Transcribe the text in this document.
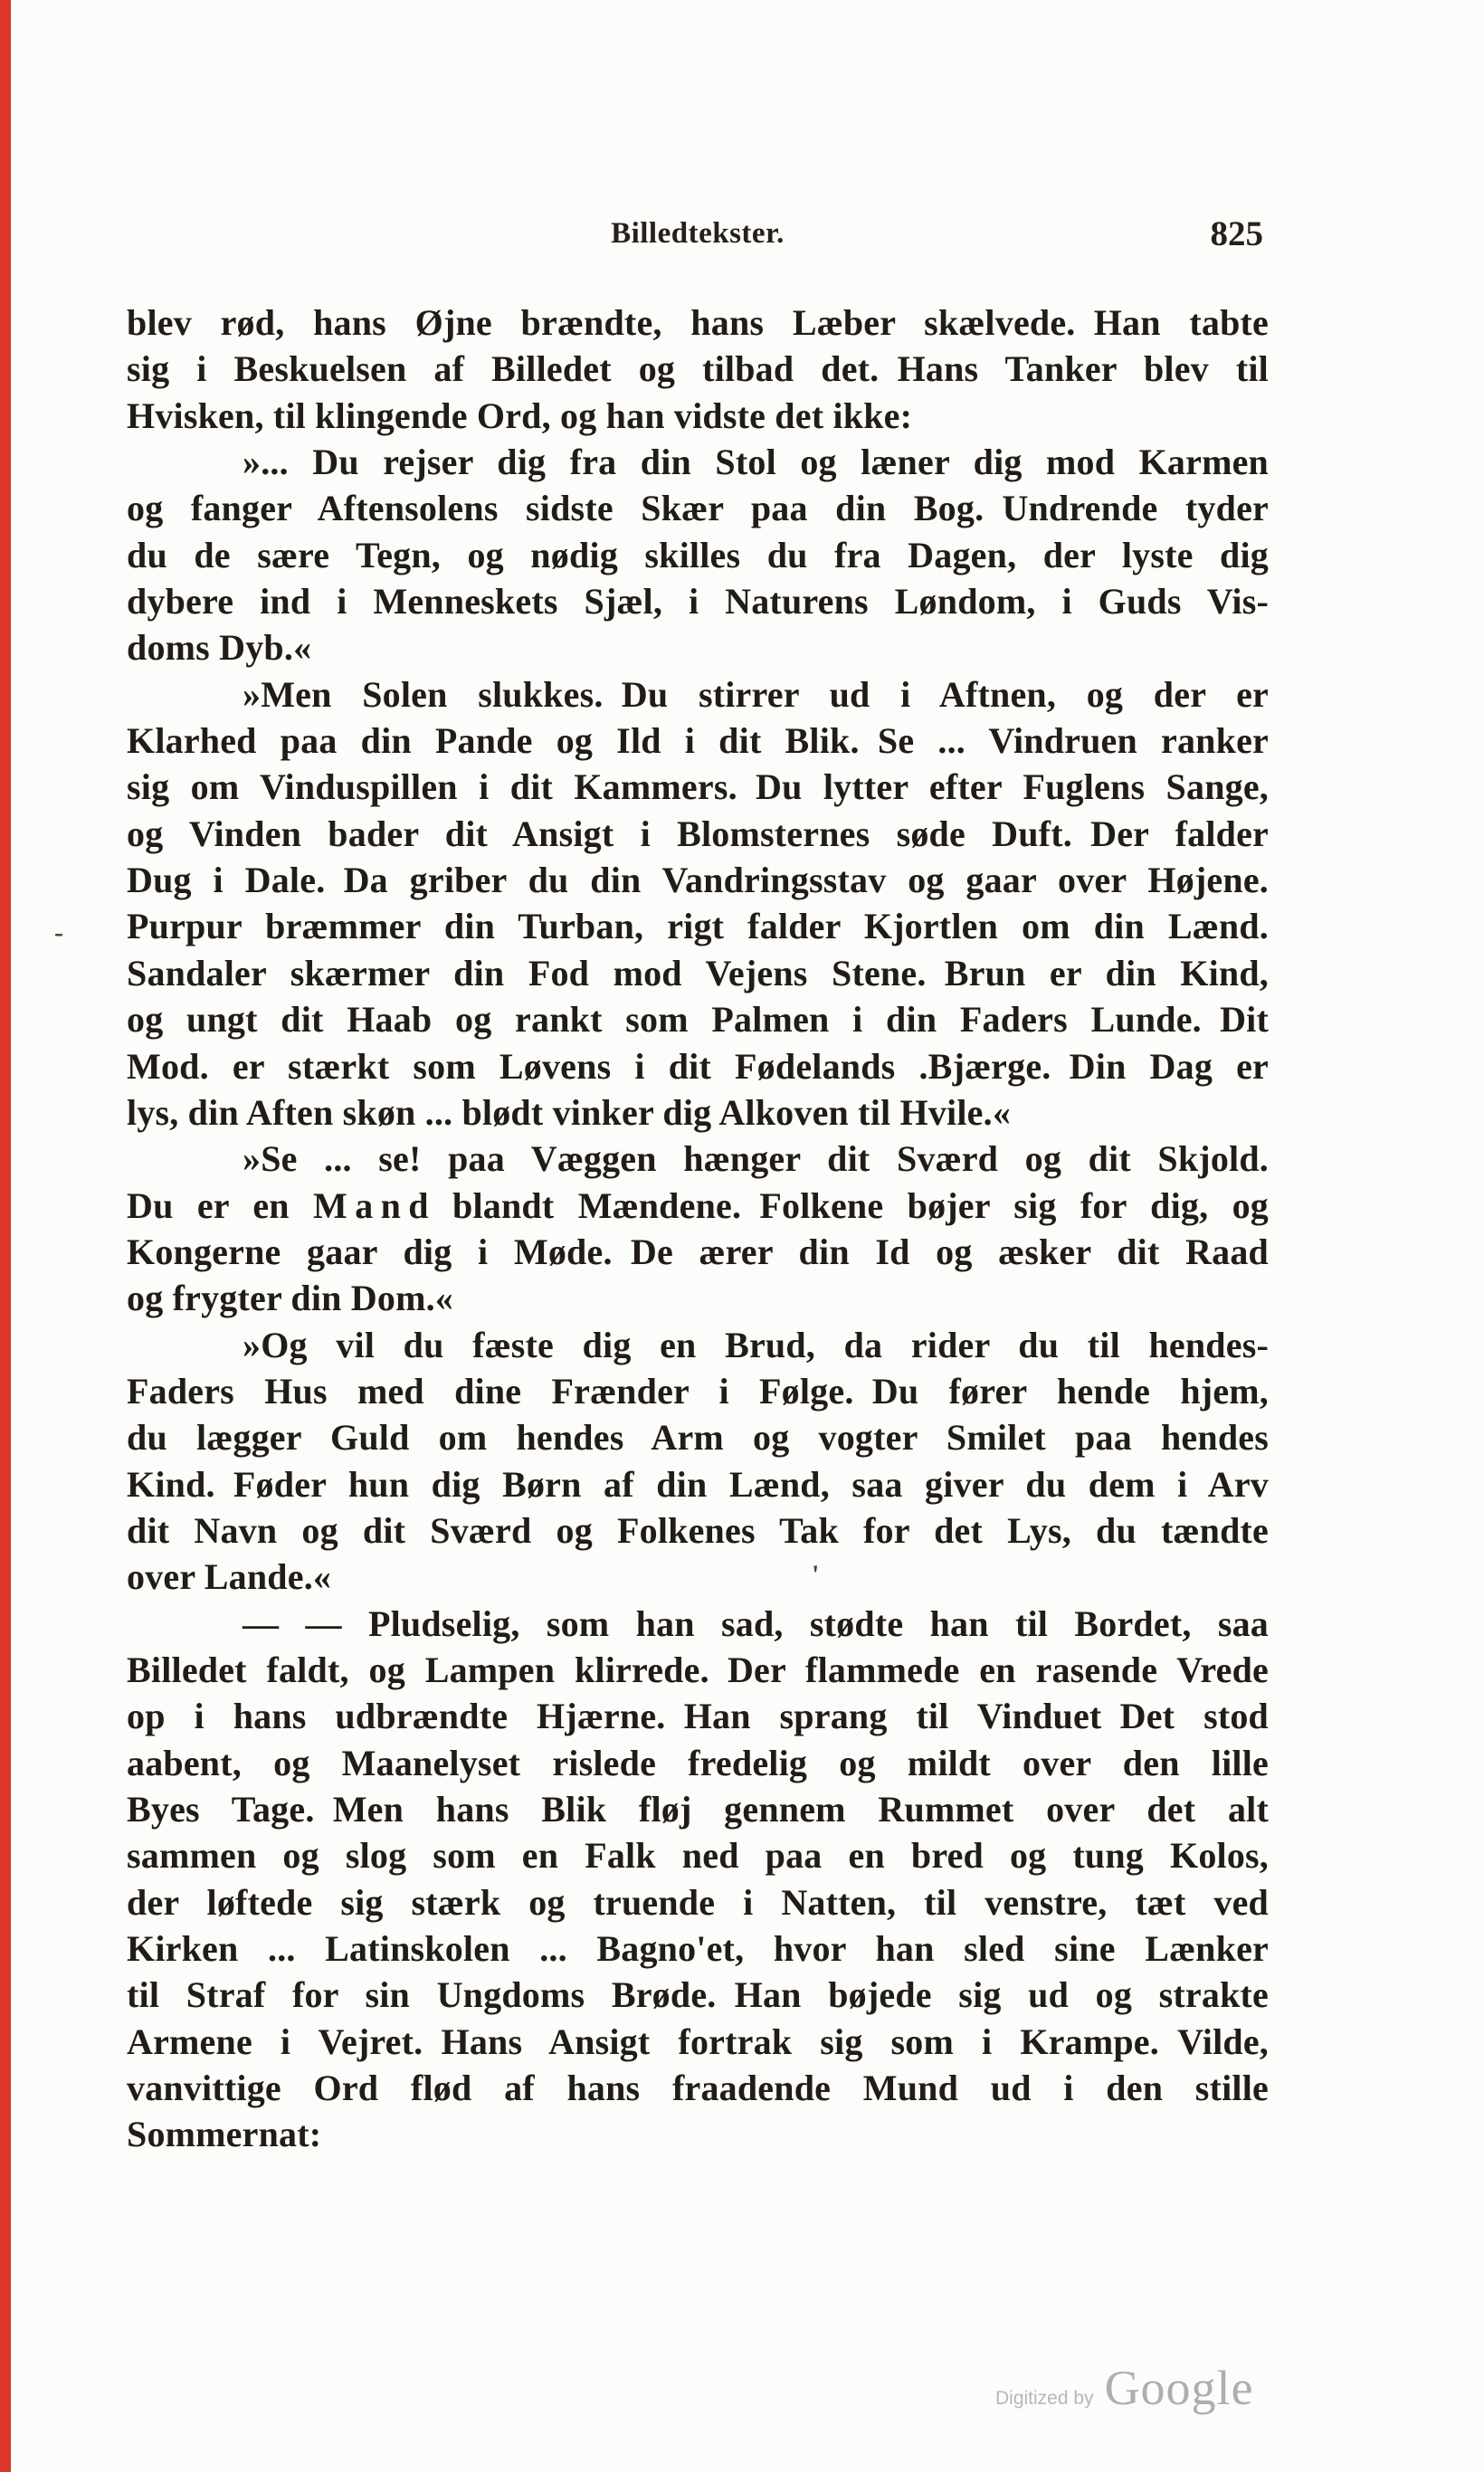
Billedtekster.	825
blev rød, hans Øjne brændte, hans Læber skælvede. Han tabte
sig i Beskuelsen af Billedet og tilbad det. Hans Tanker blev til
Hvisken, til klingende Ord, og han vidste det ikke:
»... Du rejser dig fra din Stol og læner dig mod Karmen
og fanger Aftensolens sidste Skær paa din Bog. Undrende tyder
du de sære Tegn, og nødig skilles du fra Dagen, der lyste dig
dybere ind i Menneskets Sjæl, i Naturens Løndom, i Guds Vis-
doms Dyb.«
»Men Solen slukkes. Du stirrer ud i Aftnen, og der er
Klarhed paa din Pande og Ild i dit Blik. Se ... Vindruen ranker
sig om Vinduspillen i dit Kammers. Du lytter efter Fuglens Sange,
og Vinden bader dit Ansigt i Blomsternes søde Duft. Der falder
Dug i Dale. Da griber du din Vandringsstav og gaar over Højene.
Purpur bræmmer din Turban, rigt falder Kjortlen om din Lænd.
Sandaler skærmer din Fod mod Vejens Stene. Brun er din Kind,
og ungt dit Haab og rankt som Palmen i din Faders Lunde. Dit
Mod. er stærkt som Løvens i dit Fødelands .Bjærge. Din Dag er
lys, din Aften skøn ... blødt vinker dig Alkoven til Hvile.«
»Se ... se! paa Væggen hænger dit Sværd og dit Skjold.
Du er en M a n d blandt Mændene. Folkene bøjer sig for dig, og
Kongerne gaar dig i Møde. De ærer din Id og æsker dit Raad
og frygter din Dom.«
»Og vil du fæste dig en Brud, da rider du til hendes-
Faders Hus med dine Frænder i Følge. Du fører hende hjem,
du lægger Guld om hendes Arm og vogter Smilet paa hendes
Kind. Føder hun dig Børn af din Lænd, saa giver du dem i Arv
dit Navn og dit Sværd og Folkenes Tak for det Lys, du tændte
over Lande.«
— — Pludselig, som han sad, stødte han til Bordet, saa
Billedet faldt, og Lampen klirrede. Der flammede en rasende Vrede
op i hans udbrændte Hjærne. Han sprang til Vinduet Det stod
aabent, og Maanelyset rislede fredelig og mildt over den lille
Byes Tage. Men hans Blik fløj gennem Rummet over det alt
sammen og slog som en Falk ned paa en bred og tung Kolos,
der løftede sig stærk og truende i Natten, til venstre, tæt ved
Kirken ... Latinskolen ... Bagno'et, hvor han sled sine Lænker
til Straf for sin Ungdoms Brøde. Han bøjede sig ud og strakte
Armene i Vejret. Hans Ansigt fortrak sig som i Krampe. Vilde,
vanvittige Ord flød af hans fraadende Mund ud i den stille
Sommernat:
Digitized by Google
'
-
